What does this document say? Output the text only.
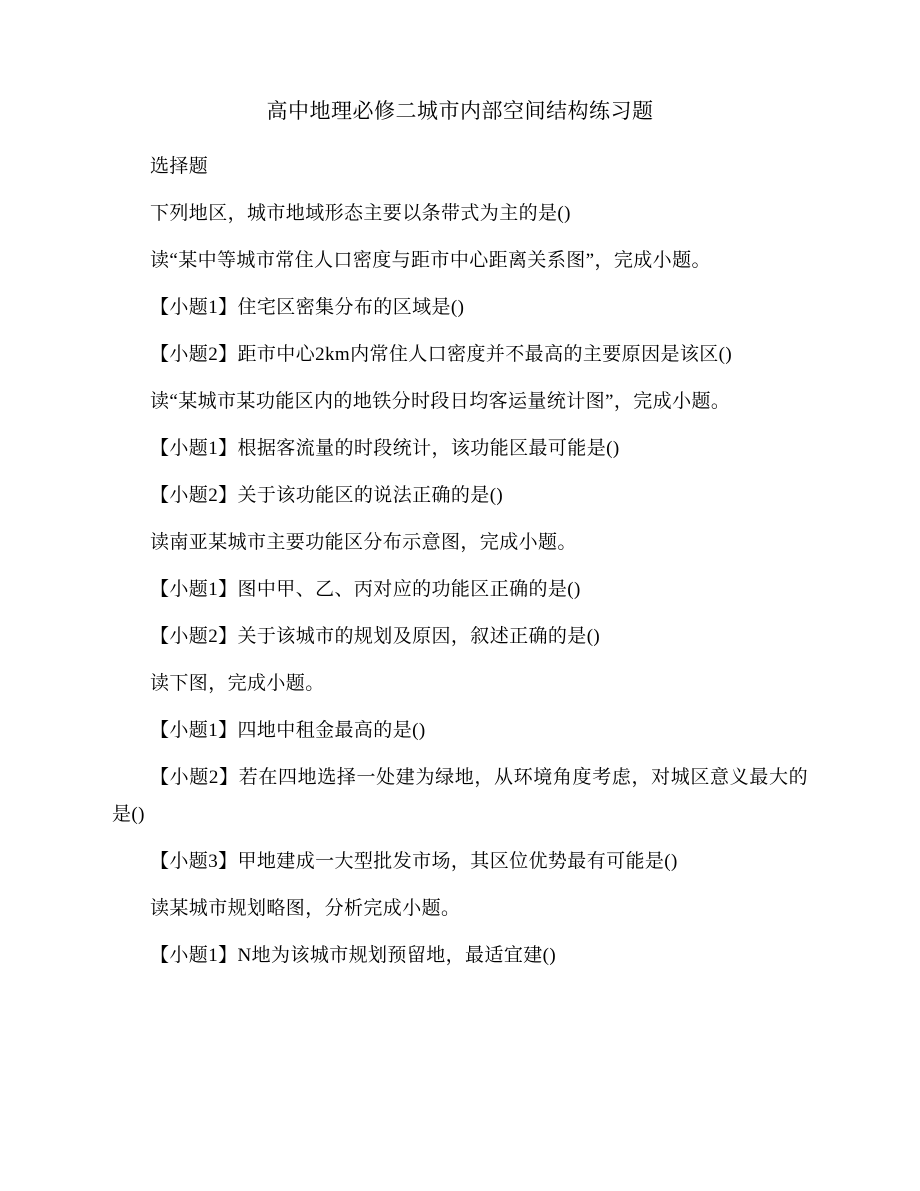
高中地理必修二城市内部空间结构练习题

选择题

下列地区，城市地域形态主要以条带式为主的是()

读“某中等城市常住人口密度与距市中心距离关系图”，完成小题。

【小题1】住宅区密集分布的区域是()

【小题2】距市中心2km内常住人口密度并不最高的主要原因是该区()

读“某城市某功能区内的地铁分时段日均客运量统计图”，完成小题。

【小题1】根据客流量的时段统计，该功能区最可能是()

【小题2】关于该功能区的说法正确的是()

读南亚某城市主要功能区分布示意图，完成小题。

【小题1】图中甲、乙、丙对应的功能区正确的是()

【小题2】关于该城市的规划及原因，叙述正确的是()

读下图，完成小题。

【小题1】四地中租金最高的是()

【小题2】若在四地选择一处建为绿地，从环境角度考虑，对城区意义最大的是()

【小题3】甲地建成一大型批发市场，其区位优势最有可能是()

读某城市规划略图，分析完成小题。

【小题1】N地为该城市规划预留地，最适宜建()
